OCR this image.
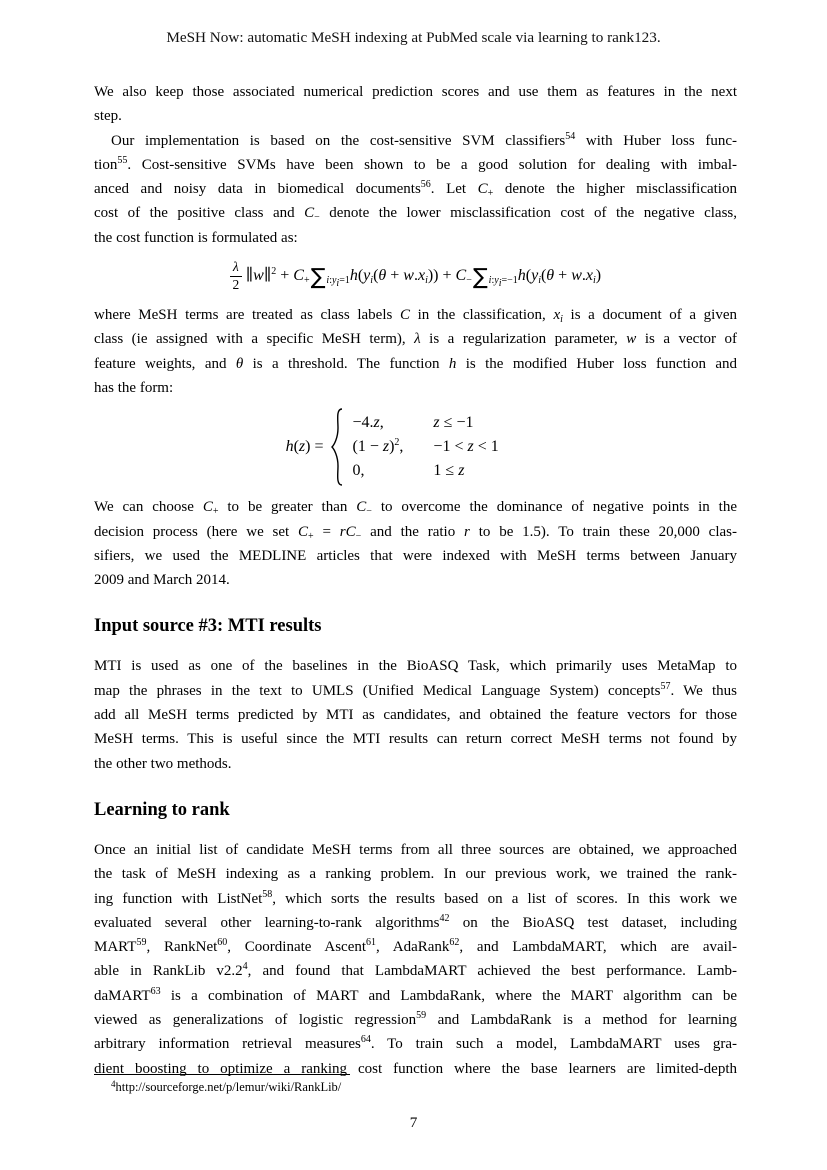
MeSH Now: automatic MeSH indexing at PubMed scale via learning to rank123.
We also keep those associated numerical prediction scores and use them as features in the next
step.
Our implementation is based on the cost-sensitive SVM classifiers$^{54}$ with Huber loss func-
tion$^{55}$. Cost-sensitive SVMs have been shown to be a good solution for dealing with imbal-
anced and noisy data in biomedical documents$^{56}$. Let $C_+$ denote the higher misclassification
cost of the positive class and $C_-$ denote the lower misclassification cost of the negative class,
the cost function is formulated as:
$\frac{\lambda}{2}$ ∥w∥$^2$ + $C_+$ ∑ $_{i:y_i=1}h(y_i(\theta + w.x_i)) + C_-$ ∑ $_{i:y_i=-1}h(y_i(\theta + w.x_i)$
where MeSH terms are treated as class labels C in the classification, $x_i$ is a document of a given
class (ie assigned with a specific MeSH term), λ is a regularization parameter, w is a vector of
feature weights, and θ is a threshold. The function h is the modified Huber loss function and
has the form:
h(z) =
−4.z,	z ≤ −1
$(1 - z)^2$, −1 < z < 1
0,	1 ≤ z
We can choose $C_+$ to be greater than $C_-$ to overcome the dominance of negative points in the
decision process (here we set $C_+ = rC_-$ and the ratio r to be 1.5). To train these 20,000 clas-
sifiers, we used the MEDLINE articles that were indexed with MeSH terms between January
2009 and March 2014.
Input source #3: MTI results
MTI is used as one of the baselines in the BioASQ Task, which primarily uses MetaMap to
map the phrases in the text to UMLS (Unified Medical Language System) concepts$^{57}$. We thus
add all MeSH terms predicted by MTI as candidates, and obtained the feature vectors for those
MeSH terms. This is useful since the MTI results can return correct MeSH terms not found by
the other two methods.
Learning to rank
Once an initial list of candidate MeSH terms from all three sources are obtained, we approached
the task of MeSH indexing as a ranking problem. In our previous work, we trained the rank-
ing function with ListNet$^{58}$, which sorts the results based on a list of scores. In this work we
evaluated several other learning-to-rank algorithms$^{42}$ on the BioASQ test dataset, including
MART$^{59}$, RankNet$^{60}$, Coordinate Ascent$^{61}$, AdaRank$^{62}$, and LambdaMART, which are avail-
able in RankLib $v2.2^4$, and found that LambdaMART achieved the best performance. Lamb-
daMART$^{63}$ is a combination of MART and LambdaRank, where the MART algorithm can be
viewed as generalizations of logistic regression$^{59}$ and LambdaRank is a method for learning
arbitrary information retrieval measures$^{64}$. To train such a model, LambdaMART uses gra-
dient boosting to optimize a ranking cost function where the base learners are limited-depth
$^4$http://sourceforge.net/p/lemur/wiki/RankLib/
7
